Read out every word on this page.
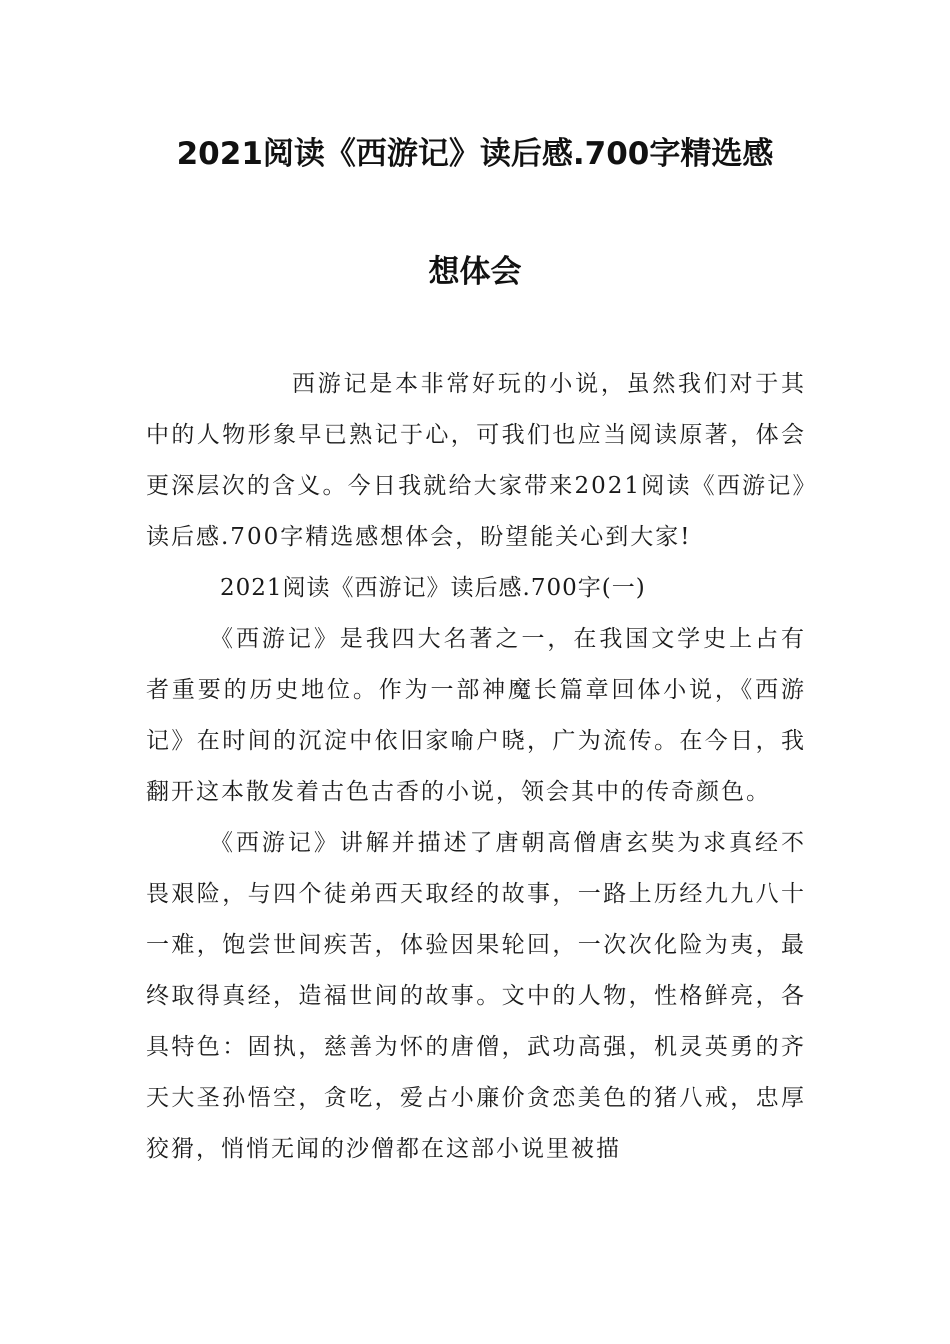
2021阅读《西游记》读后感.700字精选感
想体会

西游记是本非常好玩的小说，虽然我们对于其中的人物形象早已熟记于心，可我们也应当阅读原著，体会更深层次的含义。今日我就给大家带来2021阅读《西游记》读后感.700字精选感想体会，盼望能关心到大家!

2021阅读《西游记》读后感.700字(一)

《西游记》是我四大名著之一，在我国文学史上占有者重要的历史地位。作为一部神魔长篇章回体小说，《西游记》在时间的沉淀中依旧家喻户晓，广为流传。在今日，我翻开这本散发着古色古香的小说，领会其中的传奇颜色。

《西游记》讲解并描述了唐朝高僧唐玄奘为求真经不畏艰险，与四个徒弟西天取经的故事，一路上历经九九八十一难，饱尝世间疾苦，体验因果轮回，一次次化险为夷，最终取得真经，造福世间的故事。文中的人物，性格鲜亮，各具特色：固执，慈善为怀的唐僧，武功高强，机灵英勇的齐天大圣孙悟空，贪吃，爱占小廉价贪恋美色的猪八戒，忠厚狡猾，悄悄无闻的沙僧都在这部小说里被描
